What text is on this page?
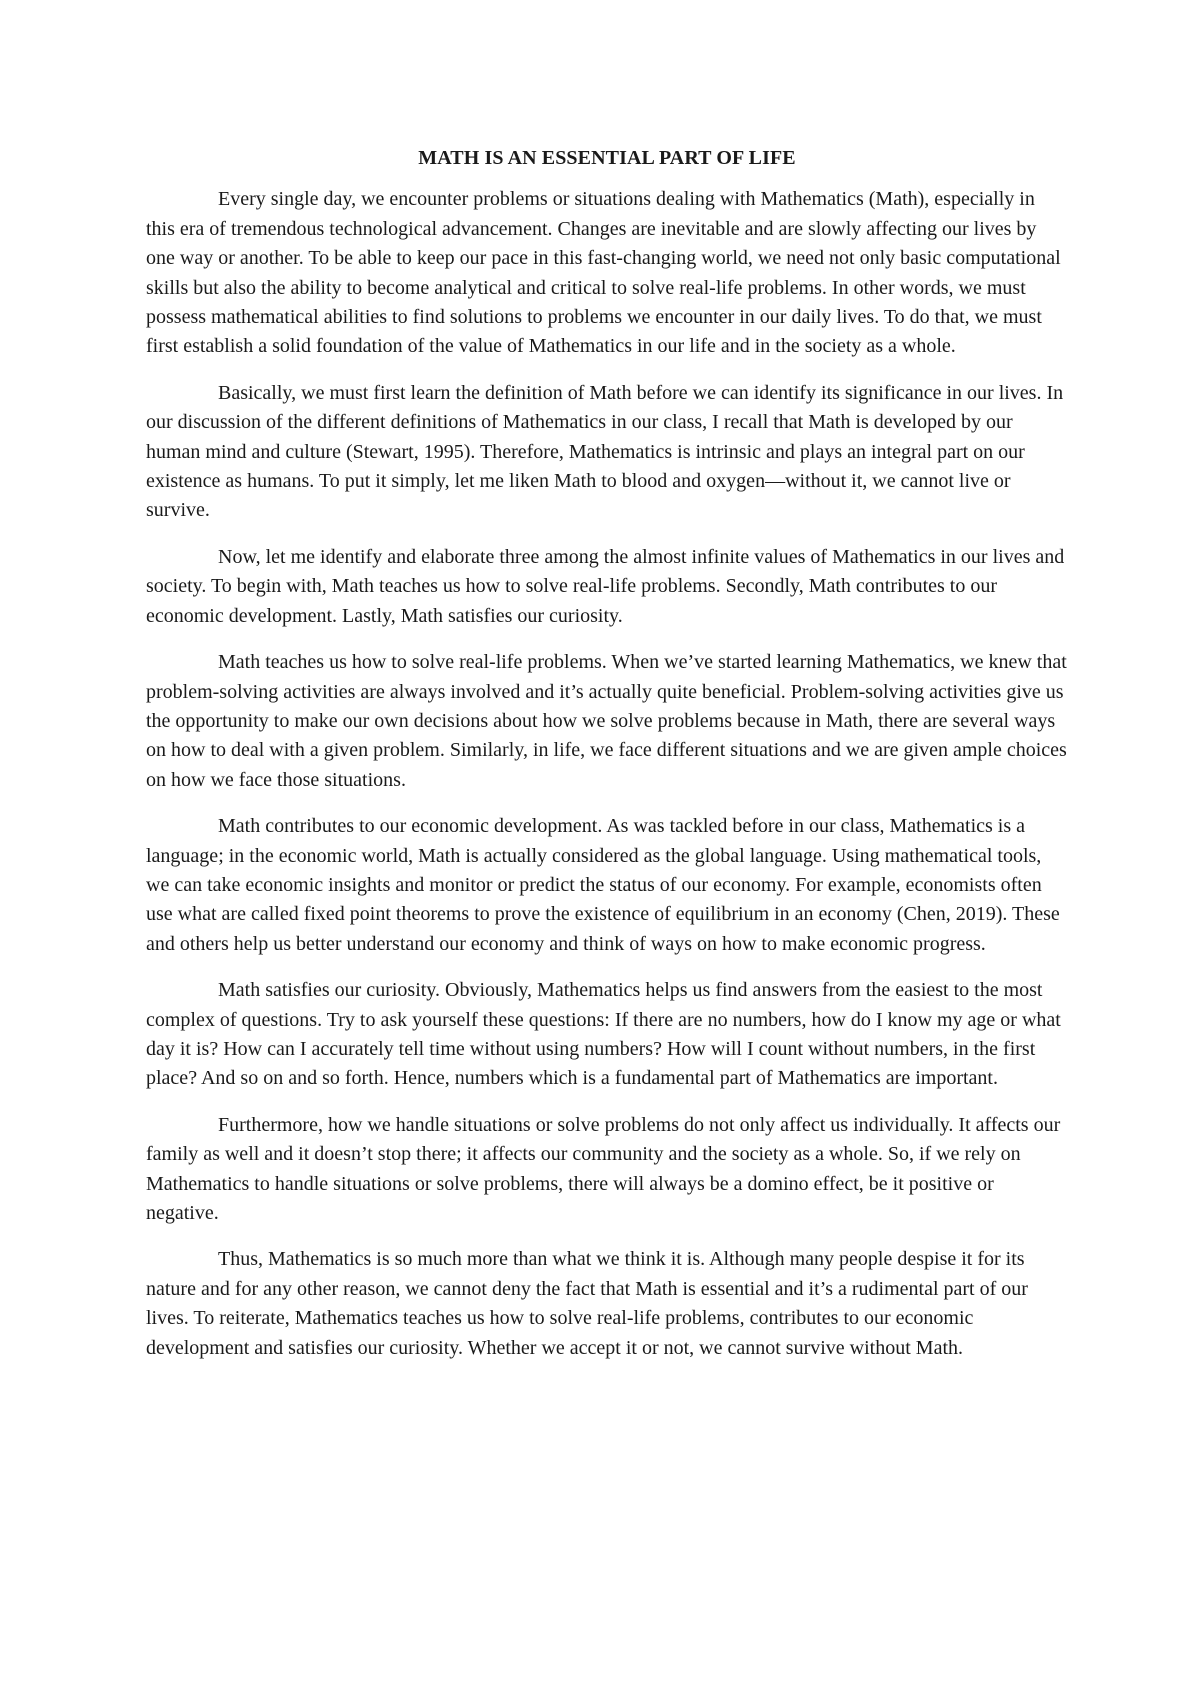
MATH IS AN ESSENTIAL PART OF LIFE

Every single day, we encounter problems or situations dealing with Mathematics (Math), especially in this era of tremendous technological advancement. Changes are inevitable and are slowly affecting our lives by one way or another. To be able to keep our pace in this fast-changing world, we need not only basic computational skills but also the ability to become analytical and critical to solve real-life problems. In other words, we must possess mathematical abilities to find solutions to problems we encounter in our daily lives. To do that, we must first establish a solid foundation of the value of Mathematics in our life and in the society as a whole.

Basically, we must first learn the definition of Math before we can identify its significance in our lives. In our discussion of the different definitions of Mathematics in our class, I recall that Math is developed by our human mind and culture (Stewart, 1995). Therefore, Mathematics is intrinsic and plays an integral part on our existence as humans. To put it simply, let me liken Math to blood and oxygen—without it, we cannot live or survive.

Now, let me identify and elaborate three among the almost infinite values of Mathematics in our lives and society. To begin with, Math teaches us how to solve real-life problems. Secondly, Math contributes to our economic development. Lastly, Math satisfies our curiosity.

Math teaches us how to solve real-life problems. When we’ve started learning Mathematics, we knew that problem-solving activities are always involved and it’s actually quite beneficial. Problem-solving activities give us the opportunity to make our own decisions about how we solve problems because in Math, there are several ways on how to deal with a given problem. Similarly, in life, we face different situations and we are given ample choices on how we face those situations.

Math contributes to our economic development. As was tackled before in our class, Mathematics is a language; in the economic world, Math is actually considered as the global language. Using mathematical tools, we can take economic insights and monitor or predict the status of our economy. For example, economists often use what are called fixed point theorems to prove the existence of equilibrium in an economy (Chen, 2019). These and others help us better understand our economy and think of ways on how to make economic progress.

Math satisfies our curiosity. Obviously, Mathematics helps us find answers from the easiest to the most complex of questions. Try to ask yourself these questions: If there are no numbers, how do I know my age or what day it is? How can I accurately tell time without using numbers? How will I count without numbers, in the first place? And so on and so forth. Hence, numbers which is a fundamental part of Mathematics are important.

Furthermore, how we handle situations or solve problems do not only affect us individually. It affects our family as well and it doesn’t stop there; it affects our community and the society as a whole. So, if we rely on Mathematics to handle situations or solve problems, there will always be a domino effect, be it positive or negative.

Thus, Mathematics is so much more than what we think it is. Although many people despise it for its nature and for any other reason, we cannot deny the fact that Math is essential and it’s a rudimental part of our lives. To reiterate, Mathematics teaches us how to solve real-life problems, contributes to our economic development and satisfies our curiosity. Whether we accept it or not, we cannot survive without Math.
